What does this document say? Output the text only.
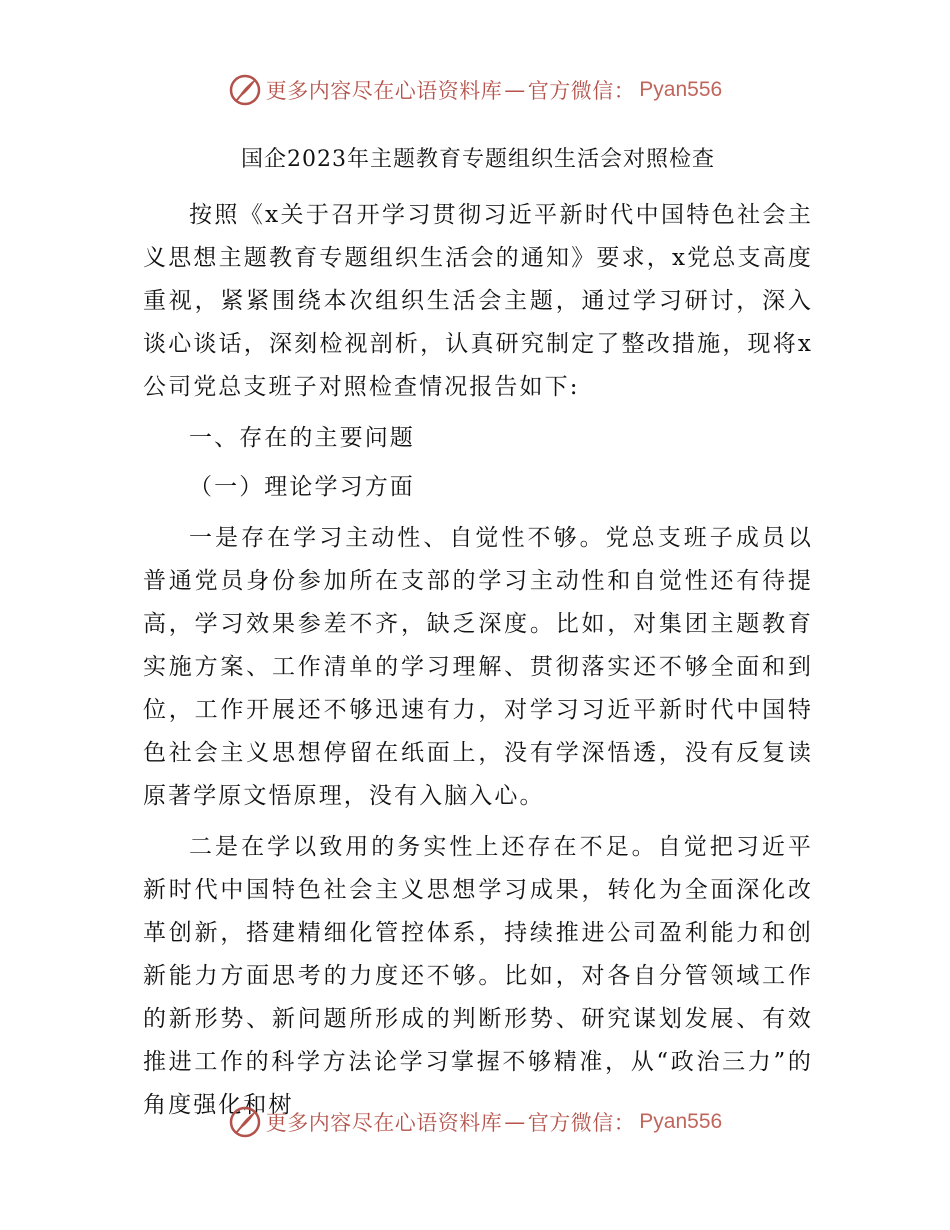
更多内容尽在心语资料库 — 官方微信： Pyan556
国企2023年主题教育专题组织生活会对照检查

按照《x关于召开学习贯彻习近平新时代中国特色社会主义思想主题教育专题组织生活会的通知》要求，x党总支高度重视，紧紧围绕本次组织生活会主题，通过学习研讨，深入谈心谈话，深刻检视剖析，认真研究制定了整改措施，现将x公司党总支班子对照检查情况报告如下:

一、存在的主要问题

（一）理论学习方面

一是存在学习主动性、自觉性不够。党总支班子成员以普通党员身份参加所在支部的学习主动性和自觉性还有待提高，学习效果参差不齐，缺乏深度。比如，对集团主题教育实施方案、工作清单的学习理解、贯彻落实还不够全面和到位，工作开展还不够迅速有力，对学习习近平新时代中国特色社会主义思想停留在纸面上，没有学深悟透，没有反复读原著学原文悟原理，没有入脑入心。

二是在学以致用的务实性上还存在不足。自觉把习近平新时代中国特色社会主义思想学习成果，转化为全面深化改革创新，搭建精细化管控体系，持续推进公司盈利能力和创新能力方面思考的力度还不够。比如，对各自分管领域工作的新形势、新问题所形成的判断形势、研究谋划发展、有效推进工作的科学方法论学习掌握不够精准，从“政治三力”的角度强化和树

更多内容尽在心语资料库 — 官方微信： Pyan556
